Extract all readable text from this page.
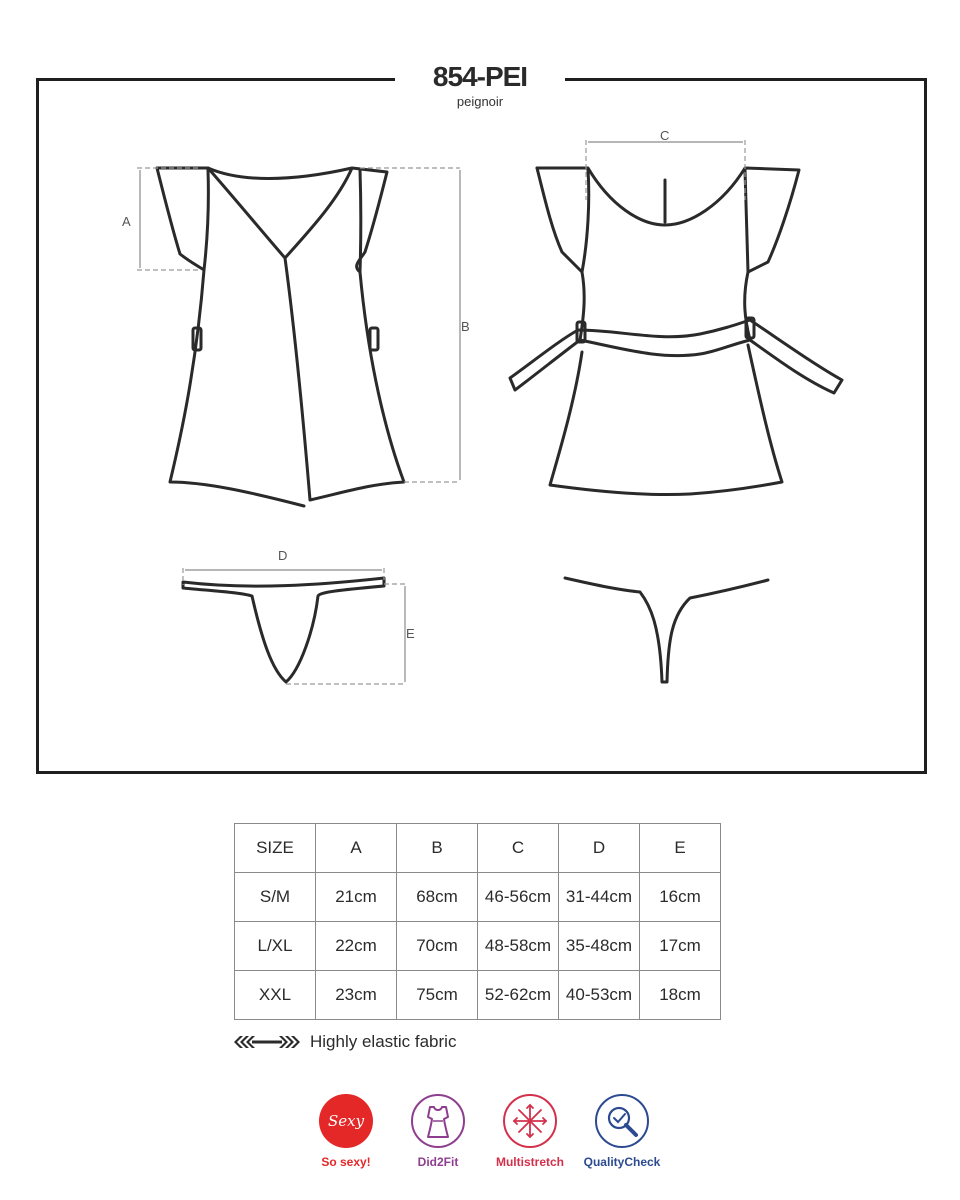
854-PEI
peignoir
A
B
C
D
E
SIZE	A	B	C	D	E
S/M	21cm	68cm	46-56cm	31-44cm	16cm
L/XL	22cm	70cm	48-58cm	35-48cm	17cm
XXL	23cm	75cm	52-62cm	40-53cm	18cm
Highly elastic fabric
Sexy
So sexy!	Did2Fit	Multistretch	QualityCheck
